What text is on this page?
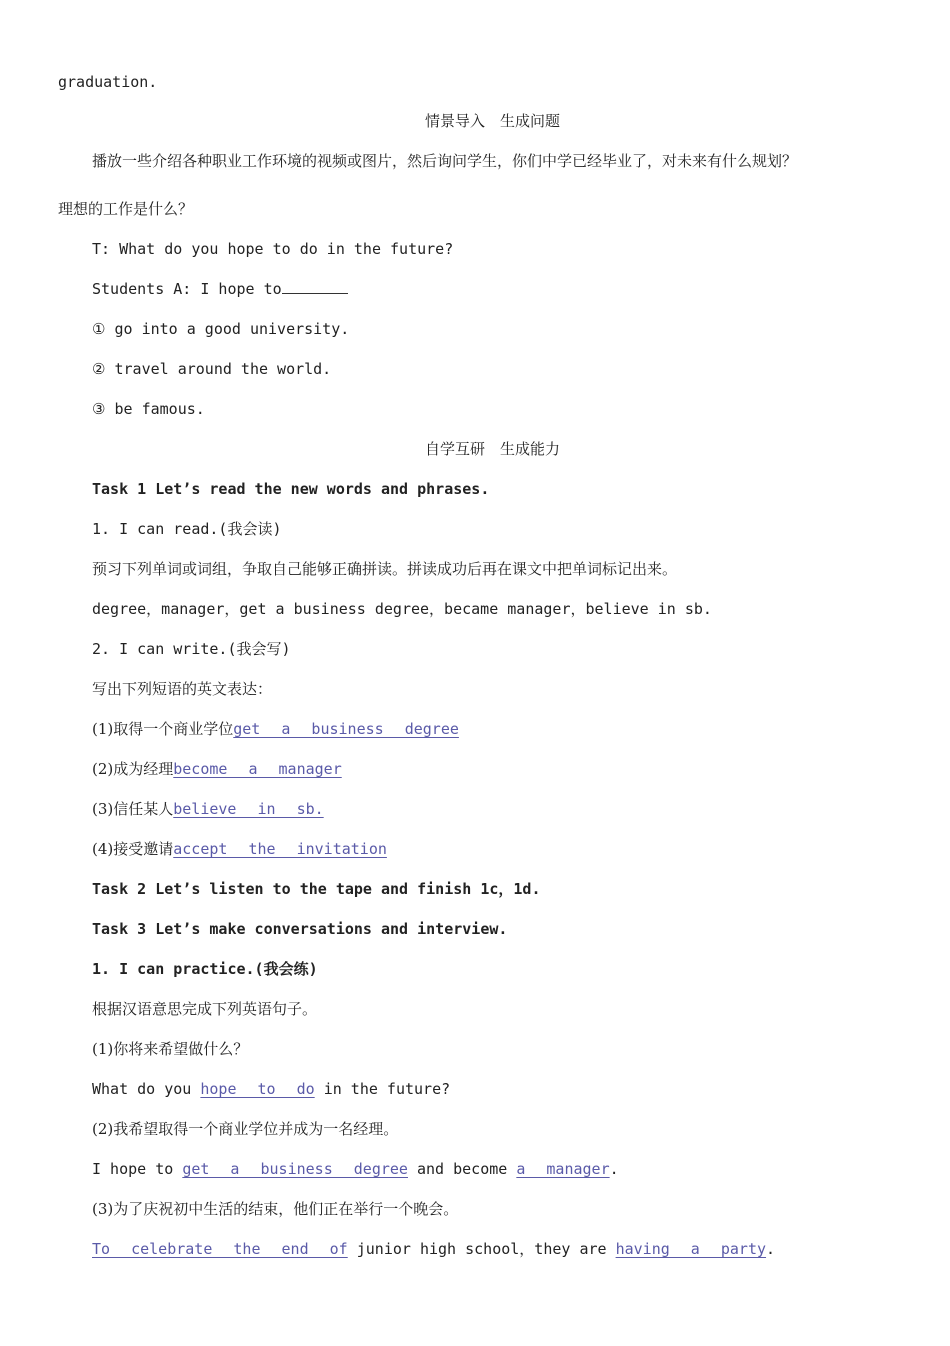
graduation.
情景导入　生成问题
播放一些介绍各种职业工作环境的视频或图片，然后询问学生，你们中学已经毕业了，对未来有什么规划？
理想的工作是什么？
T: What do you hope to do in the future?
Students A: I hope to
① go into a good university.
② travel around the world.
③ be famous.
自学互研　生成能力
Task 1 Let’s read the new words and phrases.
1. I can read.(我会读)
预习下列单词或词组，争取自己能够正确拼读。拼读成功后再在课文中把单词标记出来。
degree，manager，get a business degree，became manager，believe in sb.
2. I can write.(我会写)
写出下列短语的英文表达：
(1)取得一个商业学位get a business degree
(2)成为经理become a manager
(3)信任某人believe in sb.
(4)接受邀请accept the invitation
Task 2 Let’s listen to the tape and finish 1c，1d.
Task 3 Let’s make conversations and interview.
1. I can practice.(我会练)
根据汉语意思完成下列英语句子。
(1)你将来希望做什么？
What do you hope to do in the future?
(2)我希望取得一个商业学位并成为一名经理。
I hope to get a business degree and become a manager.
(3)为了庆祝初中生活的结束，他们正在举行一个晚会。
To celebrate the end of junior high school，they are having a party.
